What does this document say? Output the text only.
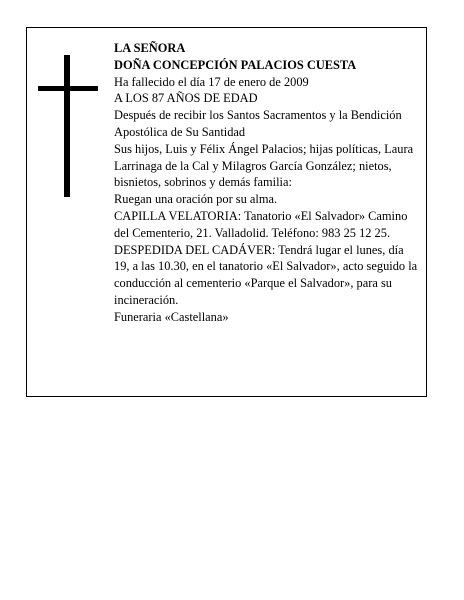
LA SEÑORA

DOÑA CONCEPCIÓN PALACIOS CUESTA

Ha fallecido el día 17 de enero de 2009

A LOS 87 AÑOS DE EDAD

Después de recibir los Santos Sacramentos y la Bendición Apostólica de Su Santidad

Sus hijos, Luis y Félix Ángel Palacios; hijas políticas, Laura Larrinaga de la Cal y Milagros García González; nietos, bisnietos, sobrinos y demás familia:

Ruegan una oración por su alma.

CAPILLA VELATORIA: Tanatorio «El Salvador» Camino del Cementerio, 21. Valladolid. Teléfono: 983 25 12 25.

DESPEDIDA DEL CADÁVER: Tendrá lugar el lunes, día 19, a las 10.30, en el tanatorio «El Salvador», acto seguido la conducción al cementerio «Parque el Salvador», para su incineración.

Funeraria «Castellana»
